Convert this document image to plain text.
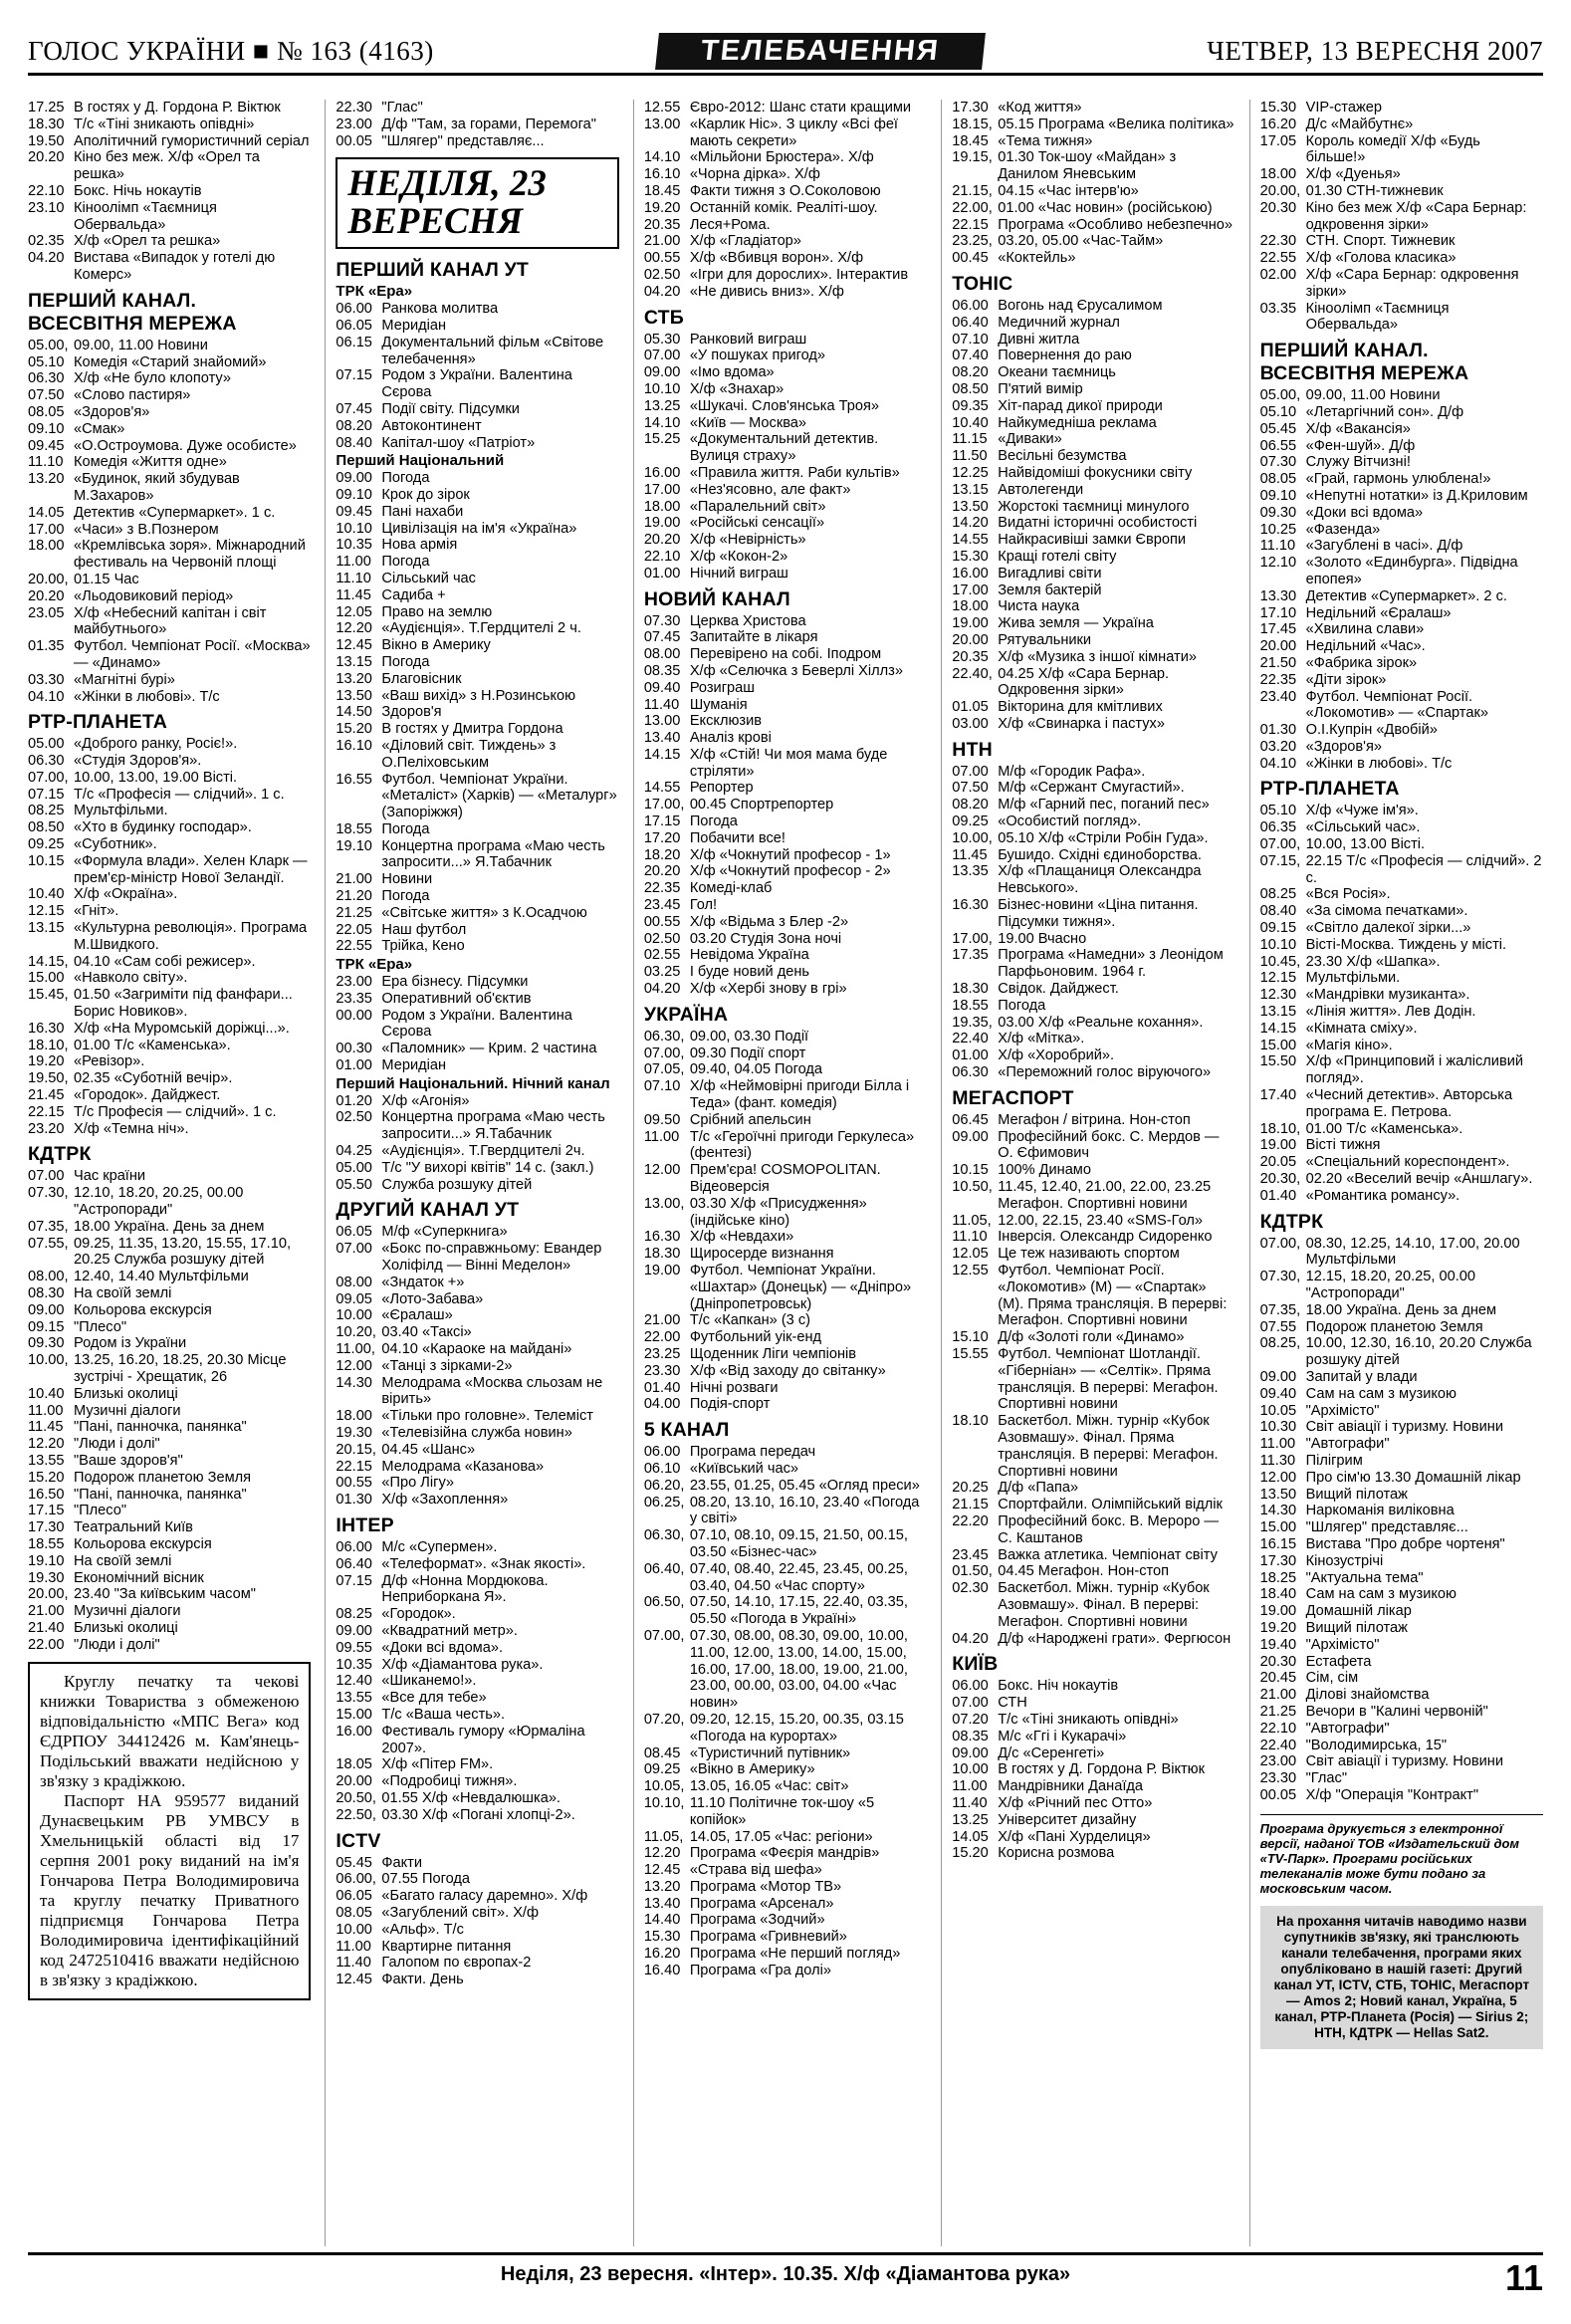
ГОЛОС УКРАЇНИ ■ № 163 (4163)	ТЕЛЕБАЧЕННЯ	ЧЕТВЕР, 13 ВЕРЕСНЯ 2007
17.25 В гостях у Д. Гордона Р. Віктюк
18.30 Т/с «Тіні зникають опівдні»
19.50 Аполітичний гумористичний серіал
20.20 Кіно без меж. Х/ф «Орел та решка»
22.10 Бокс. Нічь нокаутів
23.10 Кіноолімп «Таємниця Обервальда»
02.35 Х/ф «Орел та решка»
04.20 Вистава «Випадок у готелі дю Комерс»
ПЕРШИЙ КАНАЛ. ВСЕСВІТНЯ МЕРЕЖА
05.00, 09.00, 11.00 Новини
05.10 Комедія «Старий знайомий»
06.30 Х/ф «Не було клопоту»
07.50 «Слово пастиря»
08.05 «Здоров'я»
09.10 «Смак»
09.45 «О.Остроумова. Дуже особисте»
11.10 Комедія «Життя одне»
13.20 «Будинок, який збудував М.Захаров»
14.05 Детектив «Супермаркет». 1 с.
17.00 «Часи» з В.Познером
18.00 «Кремлівська зоря». Міжнародний фестиваль на Червоній площі
20.00, 01.15 Час
20.20 «Льодовиковий період»
23.05 Х/ф «Небесний капітан і світ майбутнього»
01.35 Футбол. Чемпіонат Росії. «Москва» — «Динамо»
03.30 «Магнітні бурі»
04.10 «Жінки в любові». Т/с
РТР-ПЛАНЕТА
05.00 «Доброго ранку, Росіє!».
06.30 «Студія Здоров'я».
07.00, 10.00, 13.00, 19.00 Вісті.
07.15 Т/с «Професія — слідчий». 1 с.
08.25 Мультфільми.
08.50 «Хто в будинку господар».
09.25 «Суботник».
10.15 «Формула влади». Хелен Кларк — прем'єр-міністр Нової Зеландії.
10.40 Х/ф «Окраїна».
12.15 «Гніт».
13.15 «Культурна революція». Програма М.Швидкого.
14.15, 04.10 «Сам собі режисер».
15.00 «Навколо світу».
15.45, 01.50 «Загриміти під фанфари... Борис Новиков».
16.30 Х/ф «На Муромській доріжці...».
18.10, 01.00 Т/с «Каменська».
19.20 «Ревізор».
19.50, 02.35 «Суботній вечір».
21.45 «Городок». Дайджест.
22.15 Т/с Професія — слідчий». 1 с.
23.20 Х/ф «Темна ніч».
КДТРК
07.00 Час країни
07.30, 12.10, 18.20, 20.25, 00.00 "Астропоради"
07.35, 18.00 Україна. День за днем
07.55, 09.25, 11.35, 13.20, 15.55, 17.10, 20.25 Служба розшуку дітей
08.00, 12.40, 14.40 Мультфільми
08.30 На своїй землі
09.00 Кольорова екскурсія
09.15 "Плесо"
09.30 Родом із України
10.00, 13.25, 16.20, 18.25, 20.30 Місце зустрічі - Хрещатик, 26
10.40 Близькі околиці
11.00 Музичні діалоги
11.45 "Пані, панночка, панянка"
12.20 "Люди і долі"
13.55 "Ваше здоров'я"
15.20 Подорож планетою Земля
16.50 "Пані, панночка, панянка"
17.15 "Плесо"
17.30 Театральний Київ
18.55 Кольорова екскурсія
19.10 На своїй землі
19.30 Економічний вісник
20.00, 23.40 "За київським часом"
21.00 Музичні діалоги
21.40 Близькі околиці
22.00 "Люди і долі"

Круглу печатку та чекові книжки Товариства з обмеженою відповідальністю «МПС Вега» код ЄДРПОУ 34412426 м. Кам'янець-Подільський вважати недійсною у зв'язку з крадіжкою.

Паспорт НА 959577 виданий Дунаєвецьким РВ УМВСУ в Хмельницькій області від 17 серпня 2001 року виданий на ім'я Гончарова Петра Володимировича та круглу печатку Приватного підприємця Гончарова Петра Володимировича ідентифікаційний код 2472510416 вважати недійсною в зв'язку з крадіжкою.

22.30 "Глас"
23.00 Д/ф "Там, за горами, Перемога"
00.05 "Шлягер" представляє...
НЕДІЛЯ, 23 ВЕРЕСНЯ
ПЕРШИЙ КАНАЛ УТ
ТРК «Ера»
06.00 Ранкова молитва
06.05 Меридіан
06.15 Документальний фільм «Світове телебачення»
07.15 Родом з України. Валентина Сєрова
07.45 Події світу. Підсумки
08.20 Автоконтинент
08.40 Капітал-шоу «Патріот»
Перший Національний
09.00 Погода
09.10 Крок до зірок
09.45 Пані нахаби
10.10 Цивілізація на ім'я «Україна»
10.35 Нова армія
11.00 Погода
11.10 Сільський час
11.45 Садиба +
12.05 Право на землю
12.20 «Аудієнція». Т.Гердцителі 2 ч.
12.45 Вікно в Америку
13.15 Погода
13.20 Благовісник
13.50 «Ваш вихід» з Н.Розинською
14.50 Здоров'я
15.20 В гостях у Дмитра Гордона
16.10 «Діловий світ. Тиждень» з О.Пеліховським
16.55 Футбол. Чемпіонат України. «Металіст» (Харків) — «Металург» (Запоріжжя)
18.55 Погода
19.10 Концертна програма «Маю честь запросити...» Я.Табачник
21.00 Новини
21.20 Погода
21.25 «Світське життя» з К.Осадчою
22.05 Наш футбол
22.55 Трійка, Кено
ТРК «Ера»
23.00 Ера бізнесу. Підсумки
23.35 Оперативний об'єктив
00.00 Родом з України. Валентина Сєрова
00.30 «Паломник» — Крим. 2 частина
01.00 Меридіан
Перший Національний. Нічний канал
01.20 Х/ф «Агонія»
02.50 Концертна програма «Маю честь запросити...» Я.Табачник
04.25 «Аудієнція». Т.Гвердцителі 2ч.
05.00 Т/с "У вихорі квітів" 14 с. (закл.)
05.50 Служба розшуку дітей
ДРУГИЙ КАНАЛ УТ
06.05 М/ф «Суперкнига»
07.00 «Бокс по-справжньому: Евандер Холіфілд — Вінні Меделон»
08.00 «Зндаток +»
09.05 «Лото-Забава»
10.00 «Єралаш»
10.20, 03.40 «Таксі»
11.00, 04.10 «Караоке на майдані»
12.00 «Танці з зірками-2»
14.30 Мелодрама «Москва сльозам не вірить»
18.00 «Тільки про головне». Телеміст
19.30 «Телевізійна служба новин»
20.15, 04.45 «Шанс»
22.15 Мелодрама «Казанова»
00.55 «Про Лігу»
01.30 Х/ф «Захоплення»
ІНТЕР
06.00 М/с «Супермен».
06.40 «Телеформат». «Знак якості».
07.15 Д/ф «Нонна Мордюкова. Неприборкана Я».
08.25 «Городок».
09.00 «Квадратний метр».
09.55 «Доки всі вдома».
10.35 Х/ф «Діамантова рука».
12.40 «Шиканемо!».
13.55 «Все для тебе»
15.00 Т/с «Ваша честь».
16.00 Фестиваль гумору «Юрмаліна 2007».
18.05 Х/ф «Пітер FM».
20.00 «Подробиці тижня».
20.50, 01.55 Х/ф «Невдалюшка».
22.50, 03.30 Х/ф «Погані хлопці-2».
ICTV
05.45 Факти
06.00, 07.55 Погода
06.05 «Багато галасу даремно». Х/ф
08.05 «Загублений світ». Х/ф
10.00 «Альф». Т/с
11.00 Квартирне питання
11.40 Галопом по європах-2
12.45 Факти. День
12.55 Євро-2012: Шанс стати кращими
13.00 «Карлик Ніс». З циклу «Всі феї мають секрети»
14.10 «Мільйони Брюстера». Х/ф
16.10 «Чорна дірка». Х/ф
18.45 Факти тижня з О.Соколовою
19.20 Останній комік. Реаліті-шоу.
20.35 Леся+Рома.
21.00 Х/ф «Гладіатор»
00.55 Х/ф «Вбивця ворон». Х/ф
02.50 «Ігри для дорослих». Інтерактив
04.20 «Не дивись вниз». Х/ф
СТБ
05.30 Ранковий виграш
07.00 «У пошуках пригод»
09.00 «Імо вдома»
10.10 Х/ф «Знахар»
13.25 «Шукачі. Слов'янська Троя»
14.10 «Київ — Москва»
15.25 «Документальний детектив. Вулиця страху»
16.00 «Правила життя. Раби культів»
17.00 «Нез'ясовно, але факт»
18.00 «Паралельний світ»
19.00 «Російські сенсації»
20.20 Х/ф «Невірність»
22.10 Х/ф «Кокон-2»
01.00 Нічний виграш
НОВИЙ КАНАЛ
07.30 Церква Христова
07.45 Запитайте в лікаря
08.00 Перевірено на собі. Іподром
08.35 Х/ф «Селючка з Беверлі Хіллз»
09.40 Розиграш
11.40 Шуманія
13.00 Ексклюзив
13.40 Аналіз крові
14.15 Х/ф «Стій! Чи моя мама буде стріляти»
14.55 Репортер
17.00, 00.45 Спортрепортер
17.15 Погода
17.20 Побачити все!
18.20 Х/ф «Чокнутий професор - 1»
20.20 Х/ф «Чокнутий професор - 2»
22.35 Комеді-клаб
23.45 Гол!
00.55 Х/ф «Відьма з Блер -2»
02.50 03.20 Студія Зона ночі
02.55 Невідома Україна
03.25 І буде новий день
04.20 Х/ф «Хербі знову в грі»
УКРАЇНА
06.30, 09.00, 03.30 Події
07.00, 09.30 Події спорт
07.05, 09.40, 04.05 Погода
07.10 Х/ф «Неймовірні пригоди Білла і Теда» (фант. комедія)
09.50 Срібний апельсин
11.00 Т/с «Героїчні пригоди Геркулеса» (фентезі)
12.00 Прем'єра! COSMOPOLITAN. Відеоверсія
13.00, 03.30 Х/ф «Присудження» (індійське кіно)
16.30 Х/ф «Невдахи»
18.30 Щиросерде визнання
19.00 Футбол. Чемпіонат України. «Шахтар» (Донецьк) — «Дніпро» (Дніпропетровськ)
21.00 Т/с «Капкан» (3 с)
22.00 Футбольний уік-енд
23.25 Щоденник Ліги чемпіонів
23.30 Х/ф «Від заходу до світанку»
01.40 Нічні розваги
04.00 Подія-спорт
5 КАНАЛ
06.00 Програма передач
06.10 «Київський час»
06.20, 23.55, 01.25, 05.45 «Огляд преси»
06.25, 08.20, 13.10, 16.10, 23.40 «Погода у світі»
06.30, 07.10, 08.10, 09.15, 21.50, 00.15, 03.50 «Бізнес-час»
06.40, 07.40, 08.40, 22.45, 23.45, 00.25, 03.40, 04.50 «Час спорту»
06.50, 07.50, 14.10, 17.15, 22.40, 03.35, 05.50 «Погода в Україні»
07.00, 07.30, 08.00, 08.30, 09.00, 10.00, 11.00, 12.00, 13.00, 14.00, 15.00, 16.00, 17.00, 18.00, 19.00, 21.00, 23.00, 00.00, 03.00, 04.00 «Час новин»
07.20, 09.20, 12.15, 15.20, 00.35, 03.15 «Погода на курортах»
08.45 «Туристичний путівник»
09.25 «Вікно в Америку»
10.05, 13.05, 16.05 «Час: світ»
10.10, 11.10 Політичне ток-шоу «5 копійок»
11.05, 14.05, 17.05 «Час: регіони»
12.20 Програма «Феєрія мандрів»
12.45 «Страва від шефа»
13.20 Програма «Мотор ТВ»
13.40 Програма «Арсенал»
14.40 Програма «Зодчий»
15.30 Програма «Гривневий»
16.20 Програма «Не перший погляд»
16.40 Програма «Гра долі»
17.30 «Код життя»
18.15, 05.15 Програма «Велика політика»
18.45 «Тема тижня»
19.15, 01.30 Ток-шоу «Майдан» з Данилом Яневським
21.15, 04.15 «Час інтерв'ю»
22.00, 01.00 «Час новин» (російською)
22.15 Програма «Особливо небезпечно»
23.25, 03.20, 05.00 «Час-Тайм»
00.45 «Коктейль»
ТОНІС
06.00 Вогонь над Єрусалимом
06.40 Медичний журнал
07.10 Дивні житла
07.40 Повернення до раю
08.20 Океани таємниць
08.50 П'ятий вимір
09.35 Хіт-парад дикої природи
10.40 Найкумедніша реклама
11.15 «Диваки»
11.50 Весільні безумства
12.25 Найвідоміші фокусники світу
13.15 Автолегенди
13.50 Жорстокі таємниці минулого
14.20 Видатні історичні особистості
14.55 Найкрасивіші замки Європи
15.30 Кращі готелі світу
16.00 Вигадливі світи
17.00 Земля бактерій
18.00 Чиста наука
19.00 Жива земля — Україна
20.00 Рятувальники
20.35 Х/ф «Музика з іншої кімнати»
22.40, 04.25 Х/ф «Сара Бернар. Одкровення зірки»
01.05 Вікторина для кмітливих
03.00 Х/ф «Свинарка і пастух»
НТН
07.00 М/ф «Городик Рафа».
07.50 М/ф «Сержант Смугастий».
08.20 М/ф «Гарний пес, поганий пес»
09.25 «Особистий погляд».
10.00, 05.10 Х/ф «Стріли Робін Гуда».
11.45 Бушидо. Східні єдиноборства.
13.35 Х/ф «Плащаниця Олександра Невського».
16.30 Бізнес-новини «Ціна питання. Підсумки тижня».
17.00, 19.00 Вчасно
17.35 Програма «Намедни» з Леонідом Парфьоновим. 1964 г.
18.30 Свідок. Дайджест.
18.55 Погода
19.35, 03.00 Х/ф «Реальне кохання».
22.40 Х/ф «Мітка».
01.00 Х/ф «Хоробрий».
06.30 «Переможний голос віруючого»
МЕГАСПОРТ
06.45 Мегафон / вітрина. Нон-стоп
09.00 Професійний бокс. С. Мердов — О. Єфимович
10.15 100% Динамо
10.50, 11.45, 12.40, 21.00, 22.00, 23.25 Мегафон. Спортивні новини
11.05, 12.00, 22.15, 23.40 «SMS-Гол»
11.10 Інверсія. Олександр Сидоренко
12.05 Це теж називають спортом
12.55 Футбол. Чемпіонат Росії. «Локомотив» (М) — «Спартак» (М). Пряма трансляція. В перерві: Мегафон. Спортивні новини
15.10 Д/ф «Золоті голи «Динамо»
15.55 Футбол. Чемпіонат Шотландії. «Гіберніан» — «Селтік». Пряма трансляція. В перерві: Мегафон. Спортивні новини
18.10 Баскетбол. Міжн. турнір «Кубок Азовмашу». Фінал. Пряма трансляція. В перерві: Мегафон. Спортивні новини
20.25 Д/ф «Папа»
21.15 Спортфайли. Олімпійський відлік
22.20 Професійний бокс. В. Мероро — С. Каштанов
23.45 Важка атлетика. Чемпіонат світу
01.50, 04.45 Мегафон. Нон-стоп
02.30 Баскетбол. Міжн. турнір «Кубок Азовмашу». Фінал. В перерві: Мегафон. Спортивні новини
04.20 Д/ф «Народжені грати». Фергюсон
КИЇВ
06.00 Бокс. Ніч нокаутів
07.00 СТН
07.20 Т/с «Тіні зникають опівдні»
08.35 М/с «Ггі і Кукарачі»
09.00 Д/с «Серенгеті»
10.00 В гостях у Д. Гордона Р. Віктюк
11.00 Мандрівники Данаїда
11.40 Х/ф «Річний пес Отто»
13.25 Університет дизайну
14.05 Х/ф «Пані Хурделиця»
15.20 Корисна розмова
15.30 VIP-стажер
16.20 Д/с «Майбутнє»
17.05 Король комедії Х/ф «Будь більше!»
18.00 Х/ф «Дуенья»
20.00, 01.30 СТН-тижневик
20.30 Кіно без меж Х/ф «Сара Бернар: одкровення зірки»
22.30 СТН. Спорт. Тижневик
22.55 Х/ф «Голова класика»
02.00 Х/ф «Сара Бернар: одкровення зірки»
03.35 Кіноолімп «Таємниця Обервальда»
ПЕРШИЙ КАНАЛ. ВСЕСВІТНЯ МЕРЕЖА
05.00, 09.00, 11.00 Новини
05.10 «Летаргічний сон». Д/ф
05.45 Х/ф «Вакансія»
06.55 «Фен-шуй». Д/ф
07.30 Служу Вітчизні!
08.05 «Грай, гармонь улюблена!»
09.10 «Непутні нотатки» із Д.Криловим
09.30 «Доки всі вдома»
10.25 «Фазенда»
11.10 «Загублені в часі». Д/ф
12.10 «Золото «Единбурга». Підвідна епопея»
13.30 Детектив «Супермаркет». 2 с.
17.10 Недільний «Єралаш»
17.45 «Хвилина слави»
20.00 Недільний «Час».
21.50 «Фабрика зірок»
22.35 «Діти зірок»
23.40 Футбол. Чемпіонат Росії. «Локомотив» — «Спартак»
01.30 О.І.Купрін «Двобій»
03.20 «Здоров'я»
04.10 «Жінки в любові». Т/с
РТР-ПЛАНЕТА
05.10 Х/ф «Чуже ім'я».
06.35 «Сільський час».
07.00, 10.00, 13.00 Вісті.
07.15, 22.15 Т/с «Професія — слідчий». 2 с.
08.25 «Вся Росія».
08.40 «За сімома печатками».
09.15 «Світло далекої зірки...»
10.10 Вісті-Москва. Тиждень у місті.
10.45, 23.30 Х/ф «Шапка».
12.15 Мультфільми.
12.30 «Мандрівки музиканта».
13.15 «Лінія життя». Лев Додін.
14.15 «Кімната сміху».
15.00 «Магія кіно».
15.50 Х/ф «Принциповий і жалісливий погляд».
17.40 «Чесний детектив». Авторська програма Е. Петрова.
18.10, 01.00 Т/с «Каменська».
19.00 Вісті тижня
20.05 «Спеціальний кореспондент».
20.30, 02.20 «Веселий вечір «Аншлагу».
01.40 «Романтика романсу».
КДТРК
07.00, 08.30, 12.25, 14.10, 17.00, 20.00 Мультфільми
07.30, 12.15, 18.20, 20.25, 00.00 "Астропоради"
07.35, 18.00 Україна. День за днем
07.55 Подорож планетою Земля
08.25, 10.00, 12.30, 16.10, 20.20 Служба розшуку дітей
09.00 Запитай у влади
09.40 Сам на сам з музикою
10.05 "Архімісто"
10.30 Світ авіації і туризму. Новини
11.00 "Автографи"
11.30 Пілігрим
12.00 Про сім'ю 13.30 Домашній лікар
13.50 Вищий пілотаж
14.30 Наркоманія виліковна
15.00 "Шлягер" представляє...
16.15 Вистава "Про добре чортеня"
17.30 Кінозустрічі
18.25 "Актуальна тема"
18.40 Сам на сам з музикою
19.00 Домашній лікар
19.20 Вищий пілотаж
19.40 "Архімісто"
20.30 Естафета
20.45 Сім, сім
21.00 Ділові знайомства
21.25 Вечори в "Калині червоній"
22.10 "Автографи"
22.40 "Володимирська, 15"
23.00 Світ авіації і туризму. Новини
23.30 "Глас"
00.05 Х/ф "Операція "Контракт"
Програма друкується з електронної версії, наданої ТОВ «Издательский дом «TV-Парк». Програми російських телеканалів може бути подано за московським часом.
На прохання читачів наводимо назви супутників зв'язку, які транслюють канали телебачення, програми яких опубліковано в нашій газеті: Другий канал УТ, ICTV, СТБ, ТОНІС, Мегаспорт — Amos 2; Новий канал, Україна, 5 канал, РТР-Планета (Росія) — Sirius 2; НТН, КДТРК — Hellas Sat2.
Неділя, 23 вересня. «Інтер». 10.35. Х/ф «Діамантова рука»	11
